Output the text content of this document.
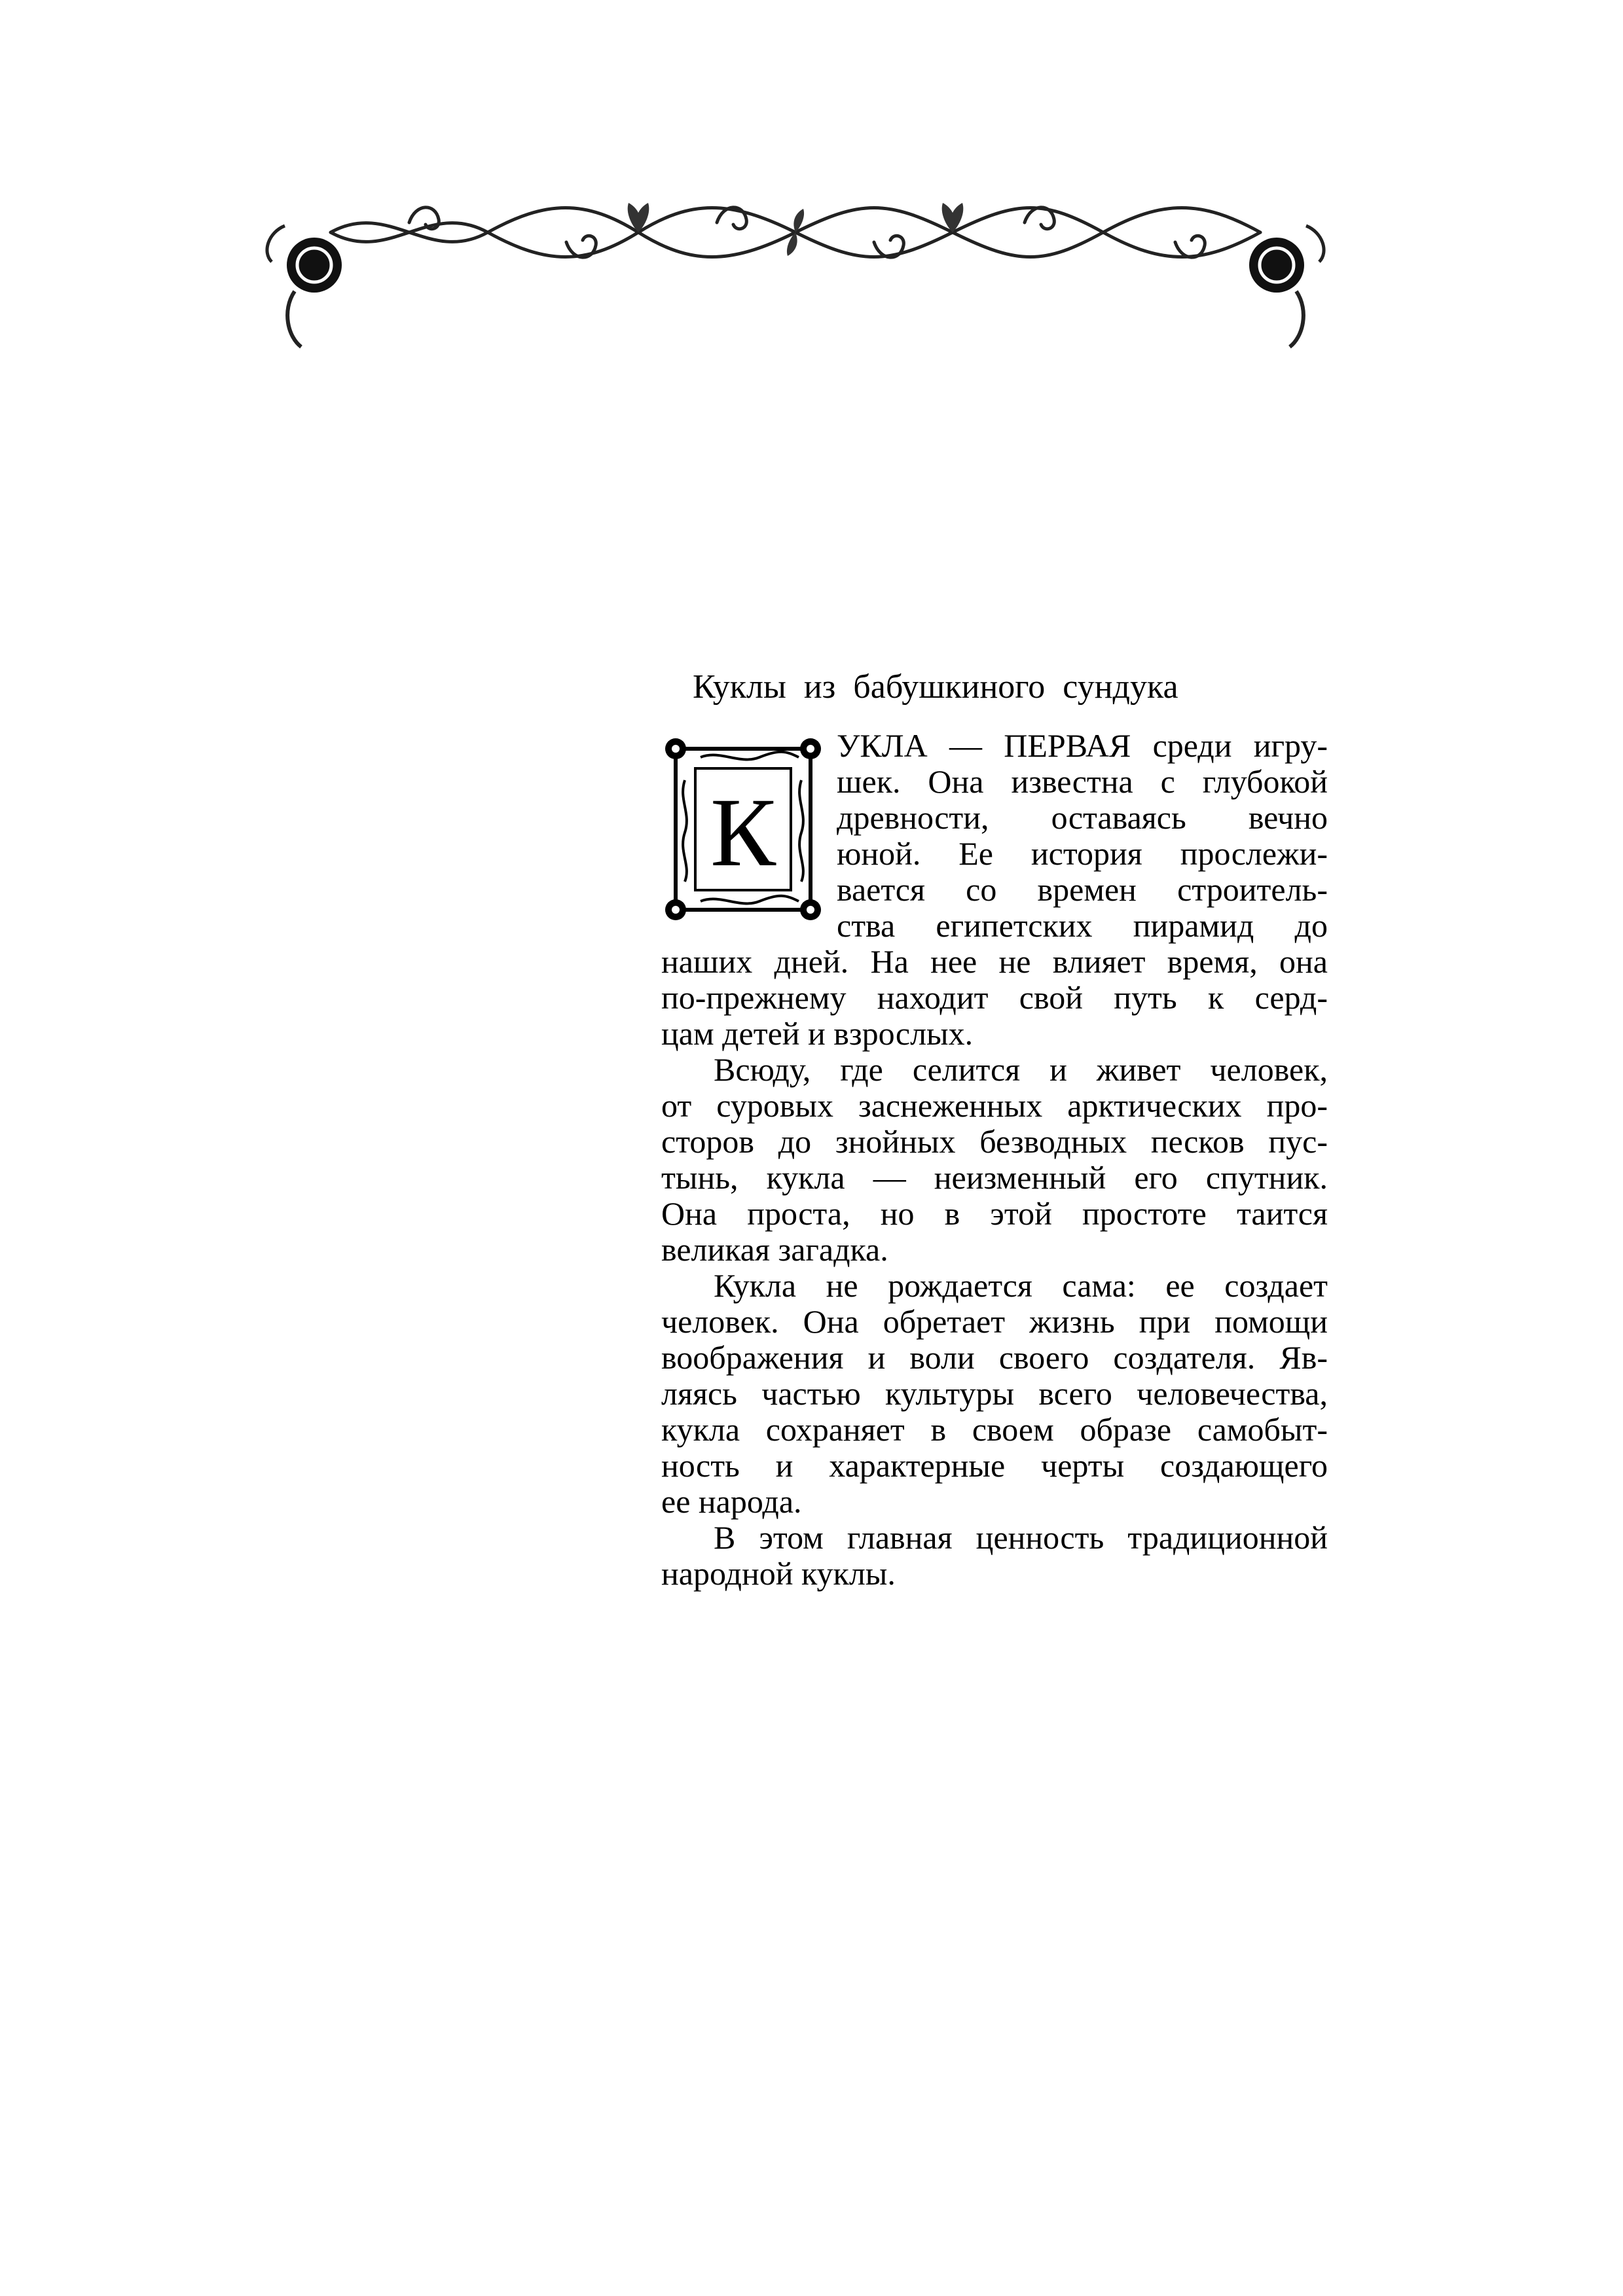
Куклы из бабушкиного сундука
К
УКЛА — ПЕРВАЯ среди игру-
шек. Она известна с глубокой
древности, оставаясь вечно
юной. Ее история прослежи-
вается со времен строитель-
ства египетских пирамид до
наших дней. На нее не влияет время, она
по-прежнему находит свой путь к серд-
цам детей и взрослых.
Всюду, где селится и живет человек,
от суровых заснеженных арктических про-
сторов до знойных безводных песков пус-
тынь, кукла — неизменный его спутник.
Она проста, но в этой простоте таится
великая загадка.
Кукла не рождается сама: ее создает
человек. Она обретает жизнь при помощи
воображения и воли своего создателя. Яв-
ляясь частью культуры всего человечества,
кукла сохраняет в своем образе самобыт-
ность и характерные черты создающего
ее народа.
В этом главная ценность традиционной
народной куклы.
